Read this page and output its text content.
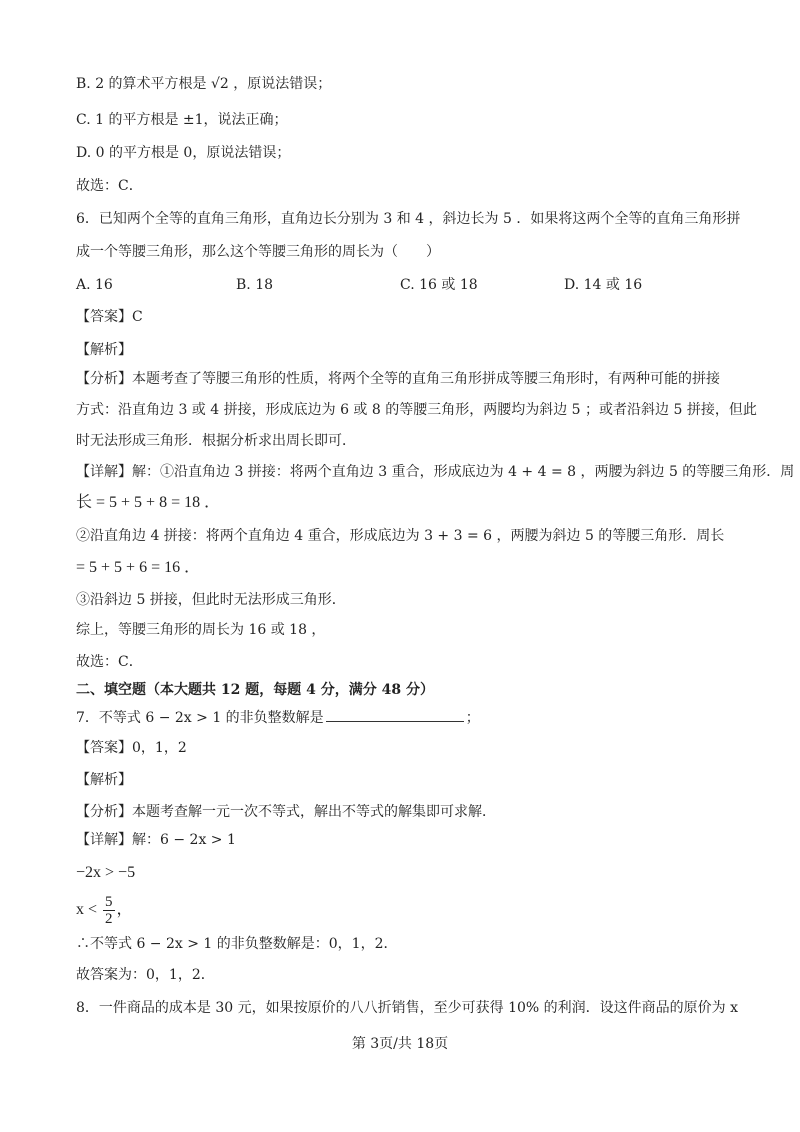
B. 2 的算术平方根是 √2 ，原说法错误；
C. 1 的平方根是 ±1，说法正确；
D. 0 的平方根是 0，原说法错误；
故选：C．
6．已知两个全等的直角三角形，直角边长分别为 3 和 4 ，斜边长为 5 ．如果将这两个全等的直角三角形拼
成一个等腰三角形，那么这个等腰三角形的周长为（　　）
A. 16	B. 18	C. 16 或 18	D. 14 或 16
【答案】C
【解析】
【分析】本题考查了等腰三角形的性质，将两个全等的直角三角形拼成等腰三角形时，有两种可能的拼接
方式：沿直角边 3 或 4 拼接，形成底边为 6 或 8 的等腰三角形，两腰均为斜边 5 ；或者沿斜边 5 拼接，但此
时无法形成三角形．根据分析求出周长即可．
【详解】解：①沿直角边 3 拼接：将两个直角边 3 重合，形成底边为 4 + 4 = 8 ，两腰为斜边 5 的等腰三角形．周
长 = 5 + 5 + 8 = 18 ．
②沿直角边 4 拼接：将两个直角边 4 重合，形成底边为 3 + 3 = 6 ，两腰为斜边 5 的等腰三角形．周长
= 5 + 5 + 6 = 16 ．
③沿斜边 5 拼接，但此时无法形成三角形．
综上，等腰三角形的周长为 16 或 18 ，
故选：C．
二、填空题（本大题共 12 题，每题 4 分，满分 48 分）
7．不等式 6 − 2x > 1 的非负整数解是	；
【答案】0，1，2
【解析】
【分析】本题考查解一元一次不等式，解出不等式的解集即可求解．
【详解】解：6 − 2x > 1
−2x > −5
$x < \frac{5}{2}$ ，
∴不等式 6 − 2x > 1 的非负整数解是：0，1，2．
故答案为：0，1，2．
8．一件商品的成本是 30 元，如果按原价的八八折销售，至少可获得 10% 的利润．设这件商品的原价为 x
第 3页/共 18页
